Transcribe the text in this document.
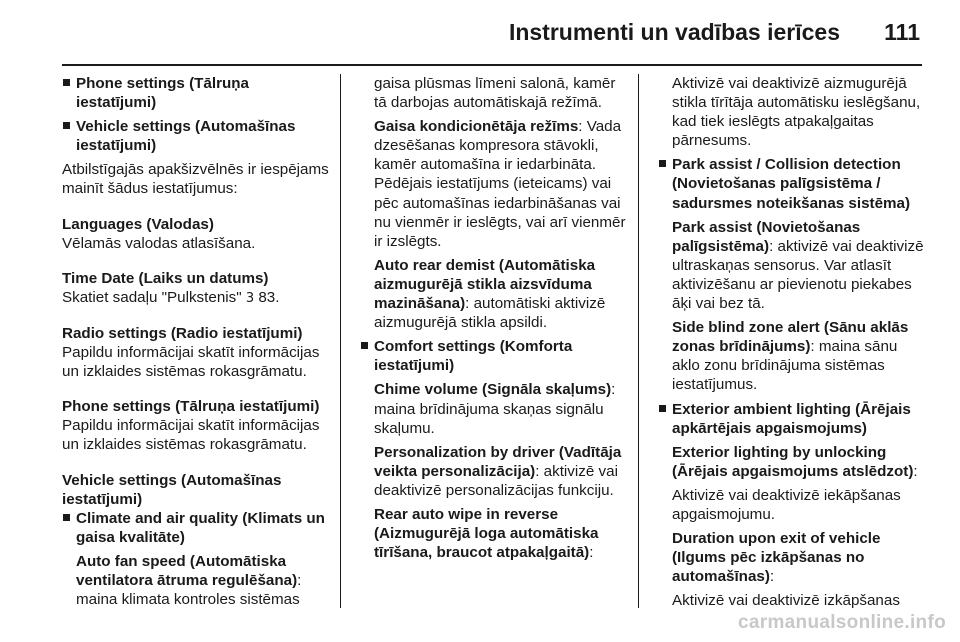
Instrumenti un vadības ierīces 111
Phone settings (Tālruņa iestatījumi)
Vehicle settings (Automašīnas iestatījumi)
Atbilstīgajās apakšizvēlnēs ir iespējams mainīt šādus iestatījumus:
Languages (Valodas)
Vēlamās valodas atlasīšana.
Time Date (Laiks un datums)
Skatiet sadaļu "Pulkstenis" 3 83.
Radio settings (Radio iestatījumi)
Papildu informācijai skatīt informācijas un izklaides sistēmas rokasgrāmatu.
Phone settings (Tālruņa iestatījumi)
Papildu informācijai skatīt informācijas un izklaides sistēmas rokasgrāmatu.
Vehicle settings (Automašīnas iestatījumi)
Climate and air quality (Klimats un gaisa kvalitāte)
Auto fan speed (Automātiska ventilatora ātruma regulēšana): maina klimata kontroles sistēmas
gaisa plūsmas līmeni salonā, kamēr tā darbojas automātiskajā režīmā.
Gaisa kondicionētāja režīms: Vada dzesēšanas kompresora stāvokli, kamēr automašīna ir iedarbināta. Pēdējais iestatījums (ieteicams) vai pēc automašīnas iedarbināšanas vai nu vienmēr ir ieslēgts, vai arī vienmēr ir izslēgts.
Auto rear demist (Automātiska aizmugurējā stikla aizsvīduma mazināšana): automātiski aktivizē aizmugurējā stikla apsildi.
Comfort settings (Komforta iestatījumi)
Chime volume (Signāla skaļums): maina brīdinājuma skaņas signālu skaļumu.
Personalization by driver (Vadītāja veikta personalizācija): aktivizē vai deaktivizē personalizācijas funkciju.
Rear auto wipe in reverse (Aizmugurējā loga automātiska tīrīšana, braucot atpakaļgaitā):
Aktivizē vai deaktivizē aizmugurējā stikla tīrītāja automātisku ieslēgšanu, kad tiek ieslēgts atpakaļgaitas pārnesums.
Park assist / Collision detection (Novietošanas palīgsistēma / sadursmes noteikšanas sistēma)
Park assist (Novietošanas palīgsistēma): aktivizē vai deaktivizē ultraskaņas sensorus. Var atlasīt aktivizēšanu ar pievienotu piekabes āķi vai bez tā.
Side blind zone alert (Sānu aklās zonas brīdinājums): maina sānu aklo zonu brīdinājuma sistēmas iestatījumus.
Exterior ambient lighting (Ārējais apkārtējais apgaismojums)
Exterior lighting by unlocking (Ārējais apgaismojums atslēdzot):
Aktivizē vai deaktivizē iekāpšanas apgaismojumu.
Duration upon exit of vehicle (Ilgums pēc izkāpšanas no automašīnas):
Aktivizē vai deaktivizē izkāpšanas
carmanualsonline.info
